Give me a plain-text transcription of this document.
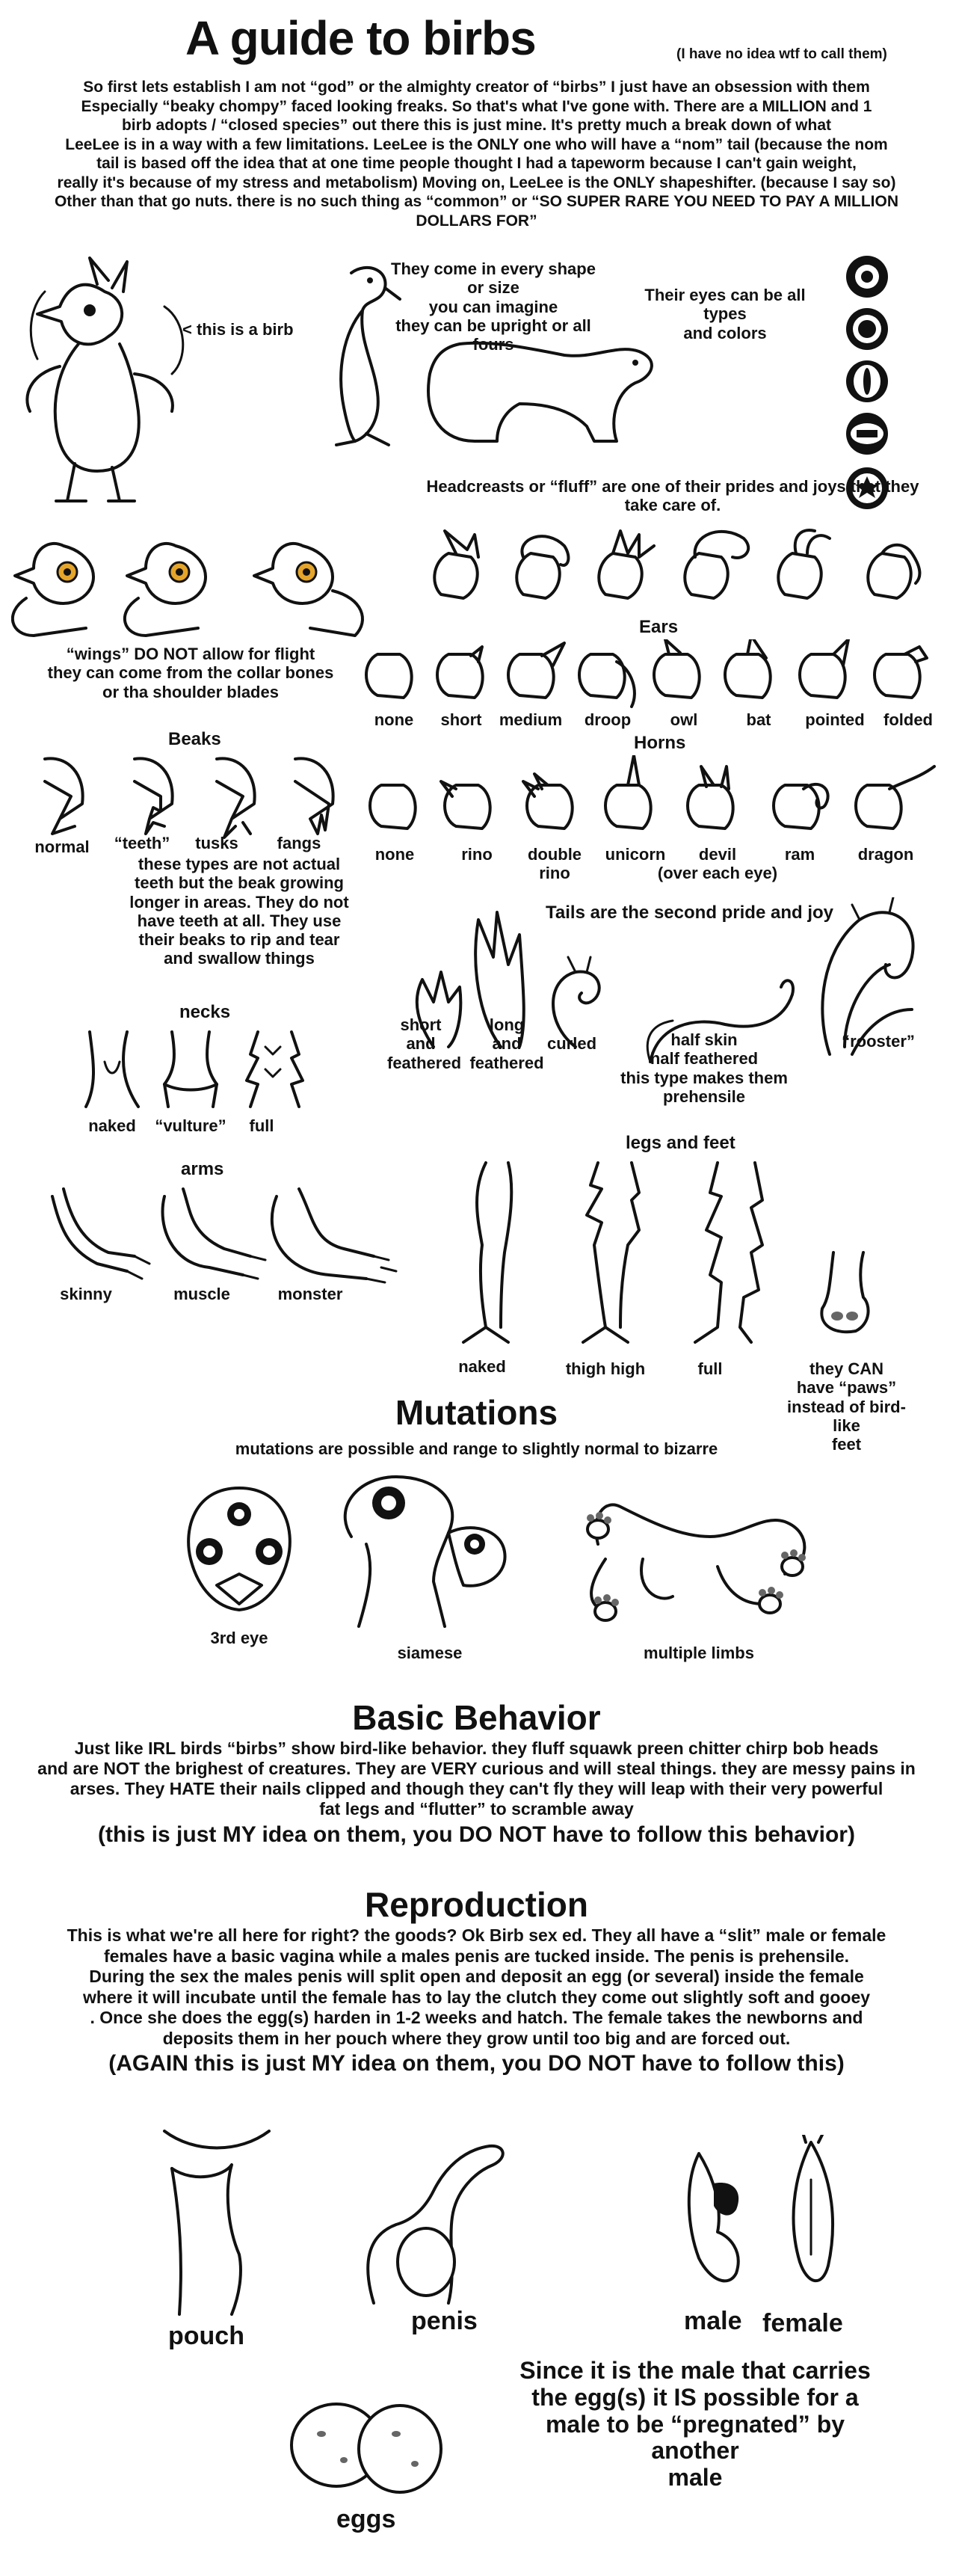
A guide to birbs	(I have no idea wtf to call them)
So first lets establish I am not “god” or the almighty creator of “birbs” I just have an obsession with them
Especially “beaky chompy” faced looking freaks. So that's what I've gone with. There are a MILLION and 1
birb adopts / “closed species” out there this is just mine. It's pretty much a break down of what
LeeLee is in a way with a few limitations. LeeLee is the ONLY one who will have a “nom” tail (because the nom
tail is based off the idea that at one time people thought I had a tapeworm because I can't gain weight,
really it's because of my stress and metabolism) Moving on, LeeLee is the ONLY shapeshifter. (because I say so)
Other than that go nuts. there is no such thing as “common” or “SO SUPER RARE YOU NEED TO PAY A MILLION DOLLARS FOR”
< this is a birb
They come in every shape or size
you can imagine
they can be upright or all fours
Their eyes can be all types
and colors
Headcreasts or “fluff” are one of their prides and joys that they
take care of.
“wings” DO NOT allow for flight
they can come from the collar bones
or tha shoulder blades
Ears
none	short	medium droop	owl	bat	pointed	folded
Beaks
normal	“teeth” tusks fangs
these types are not actual
teeth but the beak growing
longer in areas. They do not
have teeth at all. They use
their beaks to rip and tear
and swallow things
Horns
none	rino	double
rino
unicorn	devil
(over each eye)
ram	dragon
Tails are the second pride and joy
short
and
feathered
long
and
feathered
curled	half skin
half feathered
this type makes them
prehensile
“rooster”
necks
naked	“vulture”	full
legs and feet
naked	thigh high	full	they CAN
have “paws”
instead of bird-like
feet
arms
skinny	muscle	monster
Mutations
mutations are possible and range to slightly normal to bizarre
3rd eye
siamese	multiple limbs
Basic Behavior
Just like IRL birds “birbs” show bird-like behavior. they fluff squawk preen chitter chirp bob heads
and are NOT the brighest of creatures. They are VERY curious and will steal things. they are messy pains in
arses. They HATE their nails clipped and though they can't fly they will leap with their very powerful
fat legs and “flutter” to scramble away
(this is just MY idea on them, you DO NOT have to follow this behavior)
Reproduction
This is what we're all here for right? the goods? Ok Birb sex ed. They all have a “slit” male or female
females have a basic vagina while a males penis are tucked inside. The penis is prehensile.
During the sex the males penis will split open and deposit an egg (or several) inside the female
where it will incubate until the female has to lay the clutch they come out slightly soft and gooey
. Once she does the egg(s) harden in 1-2 weeks and hatch. The female takes the newborns and
deposits them in her pouch where they grow until too big and are forced out.
(AGAIN this is just MY idea on them, you DO NOT have to follow this)
pouch
penis	male female
Since it is the male that carries
the egg(s) it IS possible for a
male to be “pregnated” by another
male
eggs
